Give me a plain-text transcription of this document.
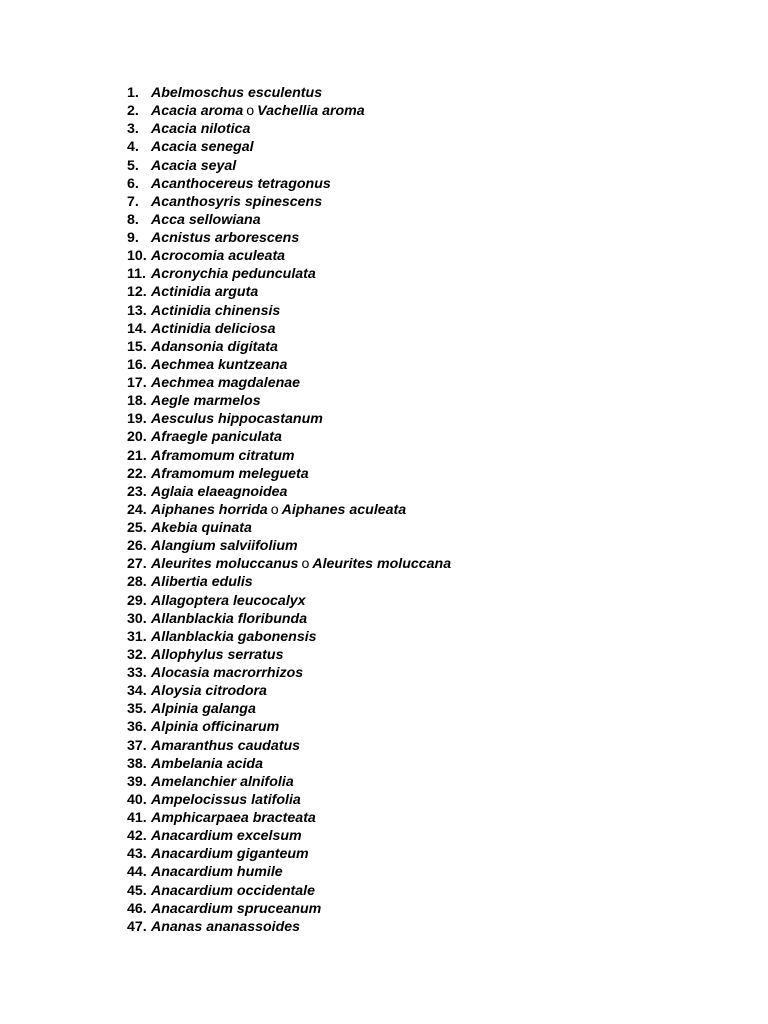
1. Abelmoschus esculentus
2. Acacia aroma o Vachellia aroma
3. Acacia nilotica
4. Acacia senegal
5. Acacia seyal
6. Acanthocereus tetragonus
7. Acanthosyris spinescens
8. Acca sellowiana
9. Acnistus arborescens
10. Acrocomia aculeata
11. Acronychia pedunculata
12. Actinidia arguta
13. Actinidia chinensis
14. Actinidia deliciosa
15. Adansonia digitata
16. Aechmea kuntzeana
17. Aechmea magdalenae
18. Aegle marmelos
19. Aesculus hippocastanum
20. Afraegle paniculata
21. Aframomum citratum
22. Aframomum melegueta
23. Aglaia elaeagnoidea
24. Aiphanes horrida o Aiphanes aculeata
25. Akebia quinata
26. Alangium salviifolium
27. Aleurites moluccanus o Aleurites moluccana
28. Alibertia edulis
29. Allagoptera leucocalyx
30. Allanblackia floribunda
31. Allanblackia gabonensis
32. Allophylus serratus
33. Alocasia macrorrhizos
34. Aloysia citrodora
35. Alpinia galanga
36. Alpinia officinarum
37. Amaranthus caudatus
38. Ambelania acida
39. Amelanchier alnifolia
40. Ampelocissus latifolia
41. Amphicarpaea bracteata
42. Anacardium excelsum
43. Anacardium giganteum
44. Anacardium humile
45. Anacardium occidentale
46. Anacardium spruceanum
47. Ananas ananassoides
